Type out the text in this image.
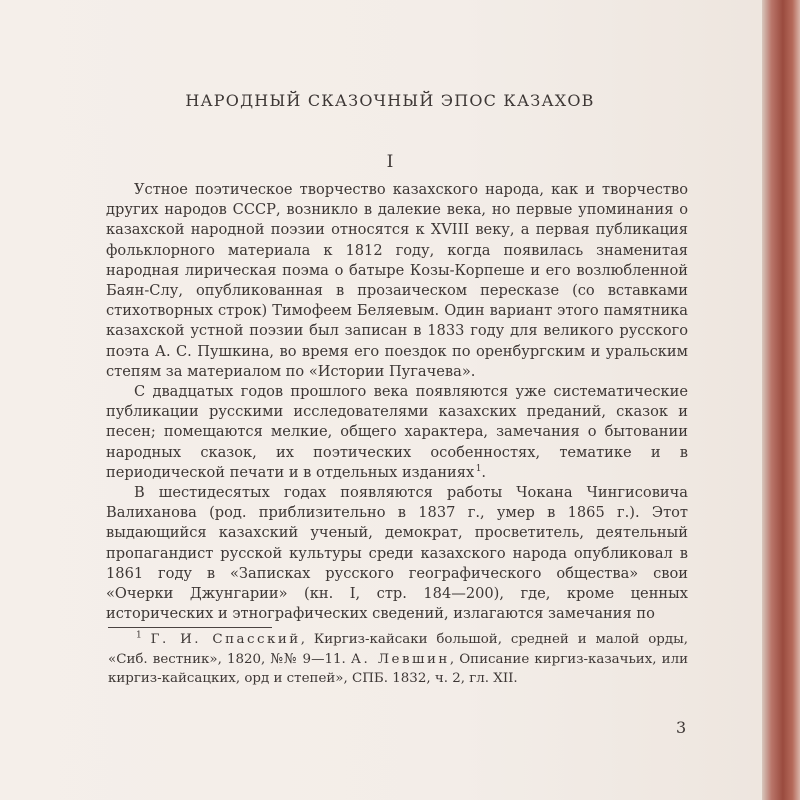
НАРОДНЫЙ СКАЗОЧНЫЙ ЭПОС КАЗАХОВ
I

Устное поэтическое творчество казахского народа, как и творчество других народов СССР, возникло в далекие века, но первые упоминания о казахской народной поэзии относятся к XVIII веку, а первая публикация фольклорного материала к 1812 году, когда появилась знаменитая народная лирическая поэма о батыре Козы-Корпеше и его возлюбленной Баян-Слу, опубликованная в прозаическом пересказе (со вставками стихотворных строк) Тимофеем Беляевым. Один вариант этого памятника казахской устной поэзии был записан в 1833 году для великого русского поэта А. С. Пушкина, во время его поездок по оренбургским и уральским степям за материалом по «Истории Пугачева».

С двадцатых годов прошлого века появляются уже систематические публикации русскими исследователями казахских преданий, сказок и песен; помещаются мелкие, общего характера, замечания о бытовании народных сказок, их поэтических особенностях, тематике и в периодической печати и в отдельных изданиях $^1$.

В шестидесятых годах появляются работы Чокана Чингисовича Валиханова (род. приблизительно в 1837 г., умер в 1865 г.). Этот выдающийся казахский ученый, демократ, просветитель, деятельный пропагандист русской культуры среди казахского народа опубликовал в 1861 году в «Записках русского географического общества» свои «Очерки Джунгарии» (кн. I, стр. 184—200), где, кроме ценных исторических и этнографических сведений, излагаются замечания по

$^1$ Г. И. Спасский, Киргиз-кайсаки большой, средней и малой орды, «Сиб. вестник», 1820, №№ 9—11. А. Левшин, Описание киргиз-казачьих, или киргиз-кайсацких, орд и степей», СПБ. 1832, ч. 2, гл. XII.

3
